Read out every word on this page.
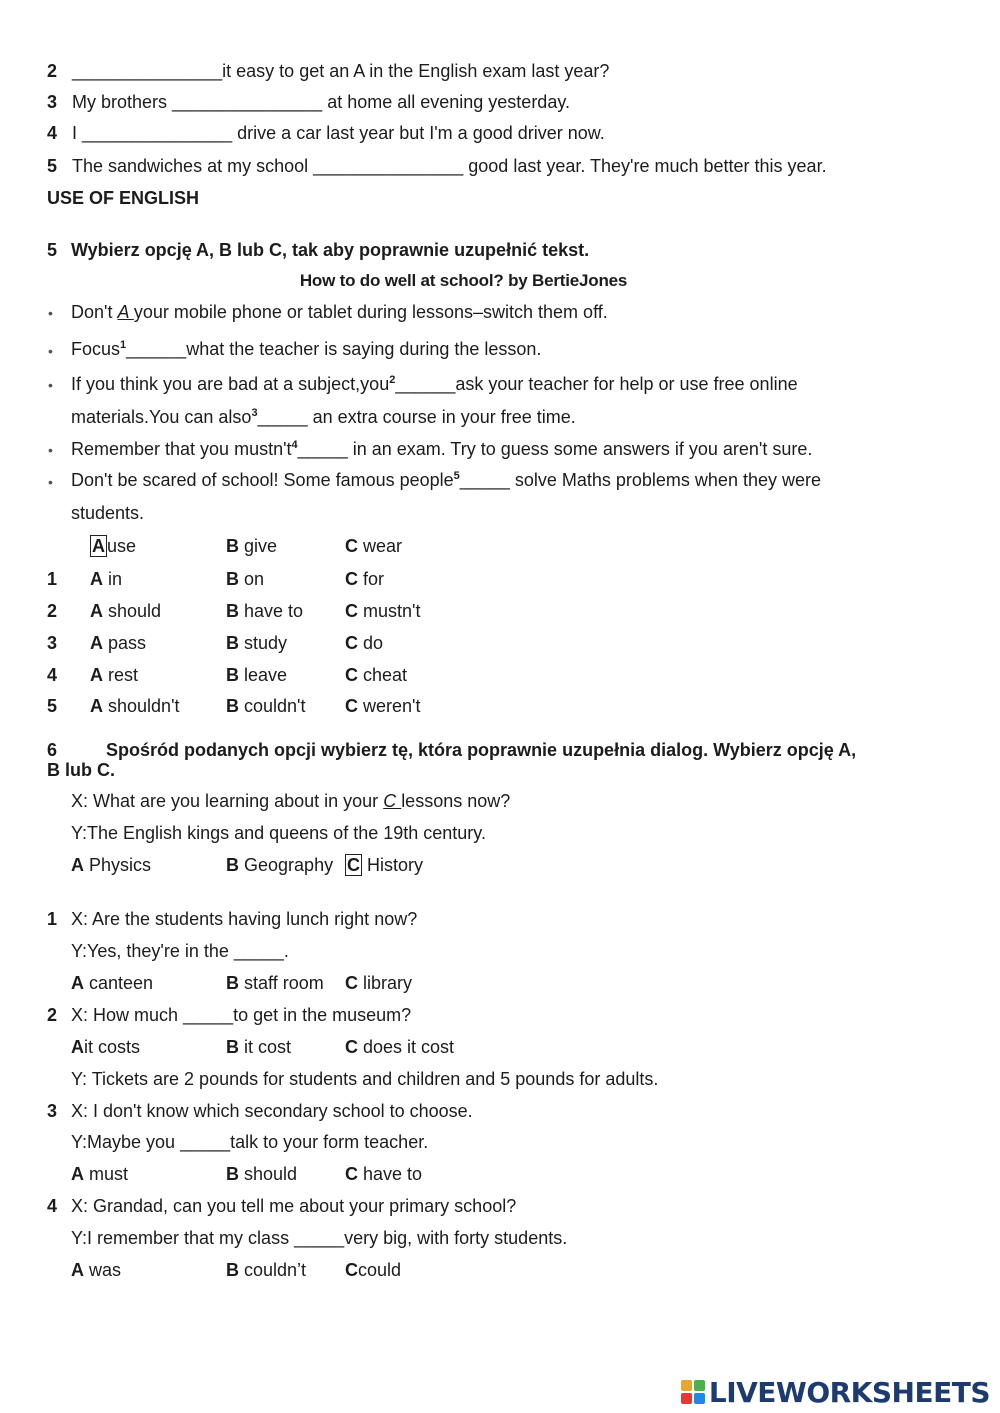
2 _______________it easy to get an A in the English exam last year?
3 My brothers _______________ at home all evening yesterday.
4 I _______________ drive a car last year but I'm a good driver now.
5 The sandwiches at my school _______________ good last year. They're much better this year.
USE OF ENGLISH
5 Wybierz opcję A, B lub C, tak aby poprawnie uzupełnić tekst.
How to do well at school? by BertieJones
• Don't A your mobile phone or tablet during lessons–switch them off.
• Focus$^1$______what the teacher is saying during the lesson.
• If you think you are bad at a subject,you$^2$______ask your teacher for help or use free online
materials.You can also$^3$_____ an extra course in your free time.
• Remember that you $mustn't^4\_\_\_\_\_$ in an exam. Try to guess some answers if you aren't sure.
• Don't be scared of school! Some famous people$^5$_____ solve Maths problems when they were
students.
A use	B give	C wear
1 A in	B on	C for
2 A should	B have to C mustn't
3 A pass	B study	C do
4 A rest	B leave	C cheat
5 A shouldn't	B couldn't C weren't
6	Spośród podanych opcji wybierz tę, która poprawnie uzupełnia dialog. Wybierz opcję A,
B lub C.
X: What are you learning about in your C lessons now?
Y:The English kings and queens of the 19th century.
A Physics	B Geography C History
1 X: Are the students having lunch right now?
Y:Yes, they're in the _____.
A canteen	B staff room C library
2 X: How much _____to get in the museum?
Ait costs	B it cost	C does it cost
Y: Tickets are 2 pounds for students and children and 5 pounds for adults.
3 X: I don't know which secondary school to choose.
Y:Maybe you _____talk to your form teacher.
A must	B should	C have to
4 X: Grandad, can you tell me about your primary school?
Y:I remember that my class _____very big, with forty students.
A was	B couldn’t Ccould
LIVEWORKSHEETS
